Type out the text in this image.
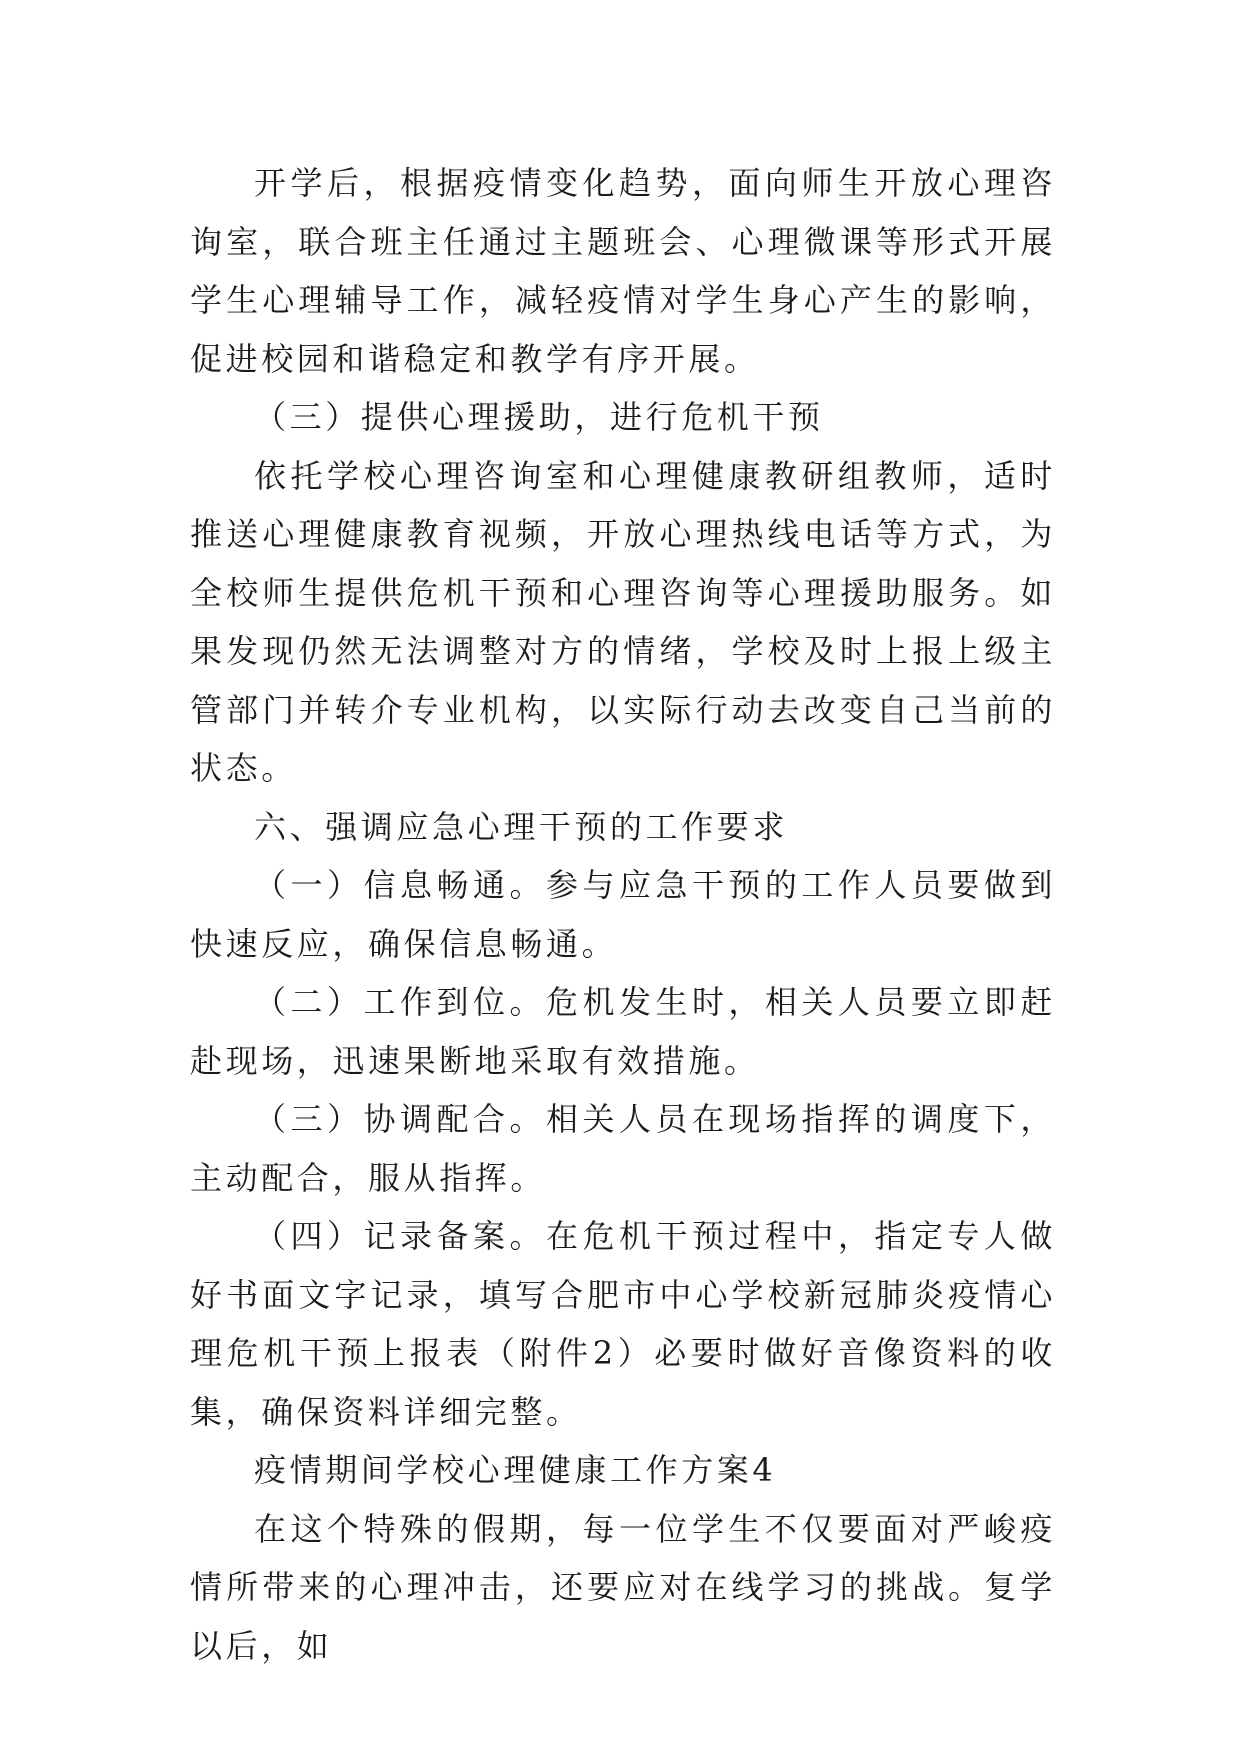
开学后，根据疫情变化趋势，面向师生开放心理咨询室，联合班主任通过主题班会、心理微课等形式开展学生心理辅导工作，减轻疫情对学生身心产生的影响，促进校园和谐稳定和教学有序开展。

（三）提供心理援助，进行危机干预

依托学校心理咨询室和心理健康教研组教师，适时推送心理健康教育视频，开放心理热线电话等方式，为全校师生提供危机干预和心理咨询等心理援助服务。如果发现仍然无法调整对方的情绪，学校及时上报上级主管部门并转介专业机构，以实际行动去改变自己当前的状态。

六、强调应急心理干预的工作要求

（一）信息畅通。参与应急干预的工作人员要做到快速反应，确保信息畅通。

（二）工作到位。危机发生时，相关人员要立即赶赴现场，迅速果断地采取有效措施。

（三）协调配合。相关人员在现场指挥的调度下，主动配合，服从指挥。

（四）记录备案。在危机干预过程中，指定专人做好书面文字记录，填写合肥市中心学校新冠肺炎疫情心理危机干预上报表（附件2）必要时做好音像资料的收集，确保资料详细完整。

疫情期间学校心理健康工作方案4

在这个特殊的假期，每一位学生不仅要面对严峻疫情所带来的心理冲击，还要应对在线学习的挑战。复学以后，如
